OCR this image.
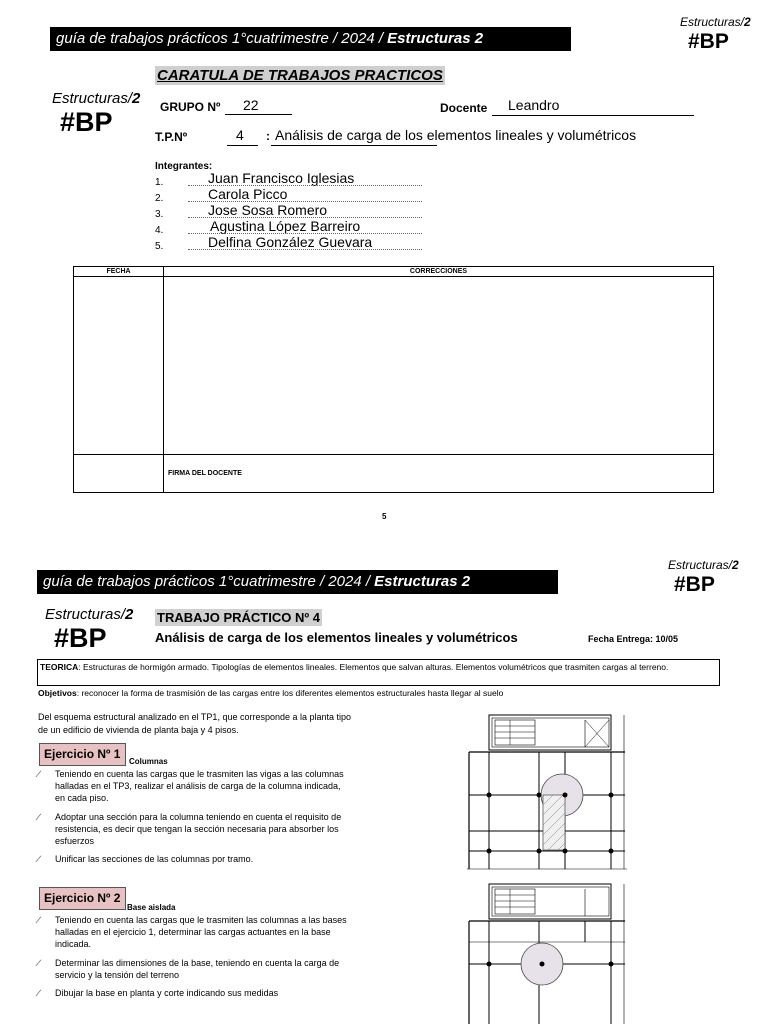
guía de trabajos prácticos 1°cuatrimestre / 2024 / Estructuras 2
Estructuras/2
#BP
Estructuras/2
#BP
CARATULA DE TRABAJOS PRACTICOS
GRUPO Nº 22	Docente Leandro
T.P.Nº	4 : Análisis de carga de los elementos lineales y volumétricos
Integrantes:
1.	Juan Francisco Iglesias
2.	Carola Picco
3.	Jose Sosa Romero
4.	Agustina López Barreiro
5.	Delfina González Guevara
FECHA	CORRECCIONES

	FIRMA DEL DOCENTE
5
guía de trabajos prácticos 1°cuatrimestre / 2024 / Estructuras 2
Estructuras/2
#BP
Estructuras/2
#BP
TRABAJO PRÁCTICO Nº 4
Análisis de carga de los elementos lineales y volumétricos	Fecha Entrega: 10/05
TEORICA: Estructuras de hormigón armado. Tipologías de elementos lineales. Elementos que salvan alturas. Elementos volumétricos que trasmiten cargas al terreno.
Objetivos: reconocer la forma de trasmisión de las cargas entre los diferentes elementos estructurales hasta llegar al suelo
Del esquema estructural analizado en el TP1, que corresponde a la planta tipo de un edificio de vivienda de planta baja y 4 pisos.
Ejercicio Nº 1
Columnas
∕ Teniendo en cuenta las cargas que le trasmiten las vigas a las columnas halladas en el TP3, realizar el análisis de carga de la columna indicada, en cada piso.
∕ Adoptar una sección para la columna teniendo en cuenta el requisito de resistencia, es decir que tengan la sección necesaria para absorber los esfuerzos
∕ Unificar las secciones de las columnas por tramo.
Ejercicio Nº 2
Base aislada
∕ Teniendo en cuenta las cargas que le trasmiten las columnas a las bases halladas en el ejercicio 1, determinar las cargas actuantes en la base indicada.
∕ Determinar las dimensiones de la base, teniendo en cuenta la carga de servicio y la tensión del terreno
∕ Dibujar la base en planta y corte indicando sus medidas
